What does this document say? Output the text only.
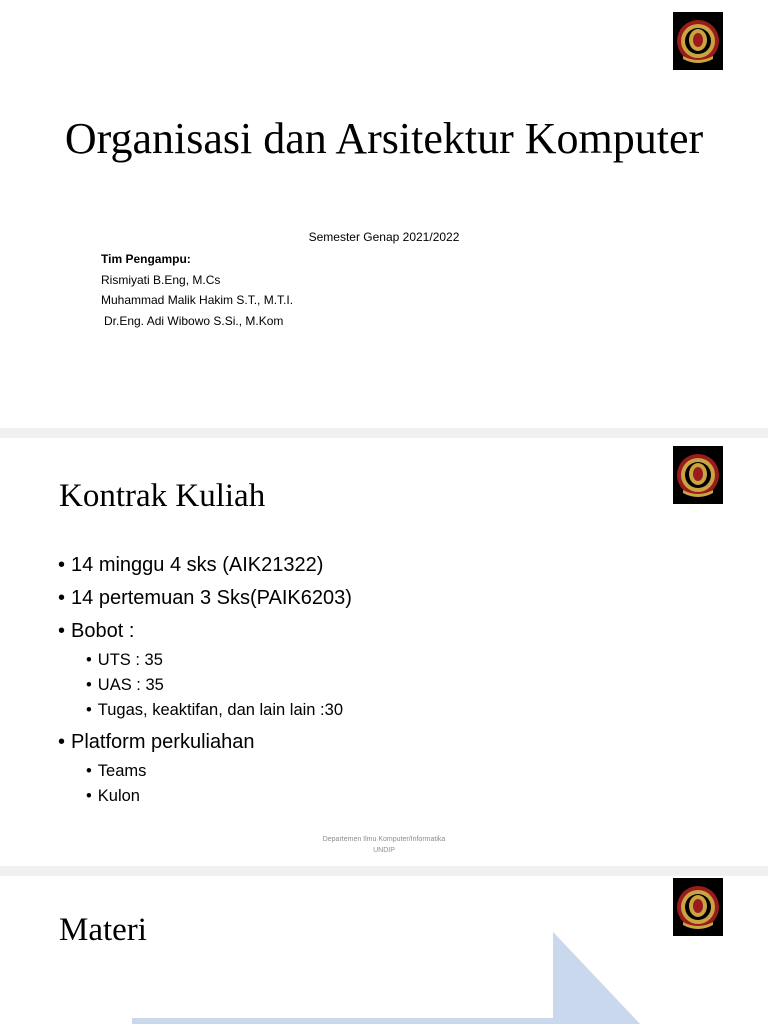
Organisasi dan Arsitektur Komputer

Semester Genap 2021/2022

Tim Pengampu:
Rismiyati B.Eng, M.Cs
Muhammad Malik Hakim S.T., M.T.I.
Dr.Eng. Adi Wibowo S.Si., M.Kom
Kontrak Kuliah
• 14 minggu 4 sks (AIK21322)
• 14 pertemuan 3 Sks(PAIK6203)
• Bobot :
• UTS : 35
• UAS : 35
• Tugas, keaktifan, dan lain lain :30
• Platform perkuliahan
• Teams
• Kulon
Departemen Ilmu Komputer/Informatika
UNDIP
Materi
